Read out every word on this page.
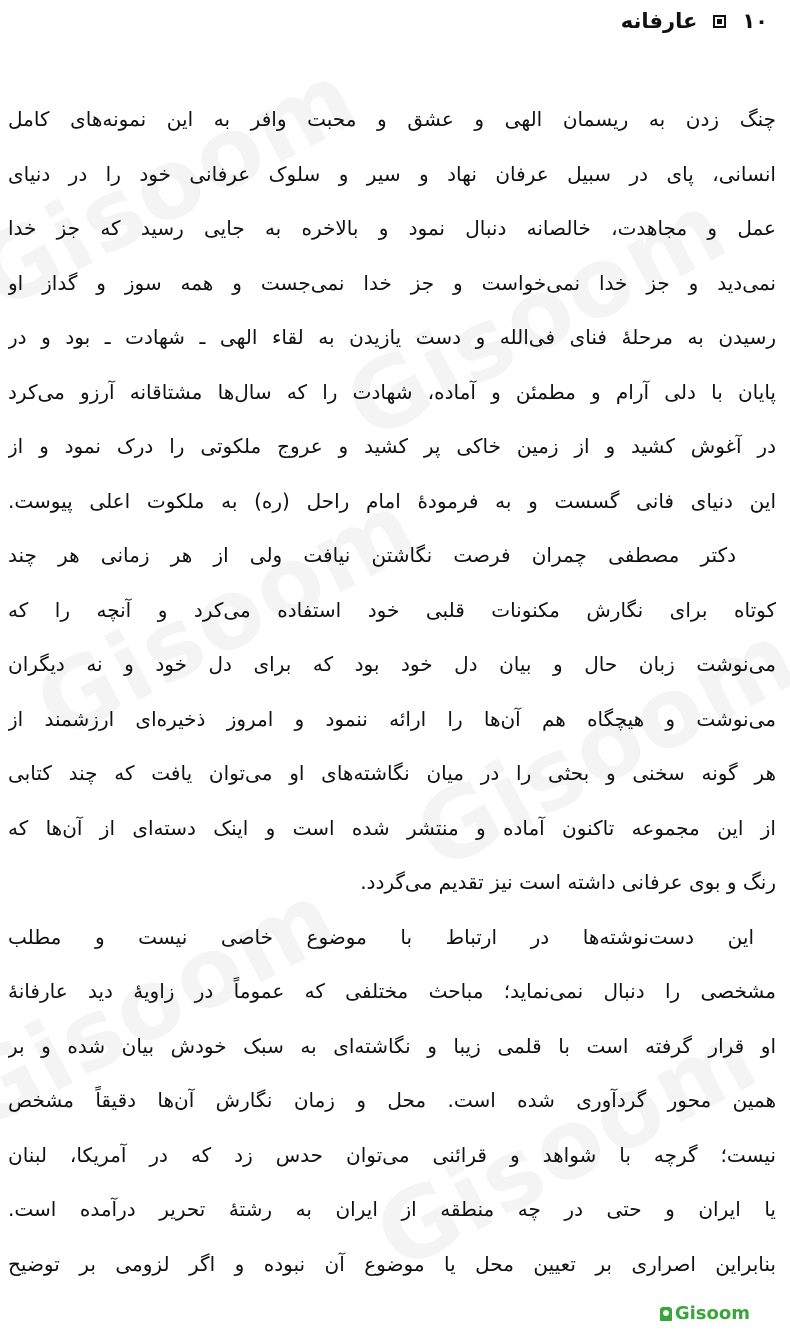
١٠
عارفانه
چنگ زدن به ریسمان الهی و عشق و محبت وافر به این نمونه‌های کامل
انسانی، پای در سبیل عرفان نهاد و سیر و سلوک عرفانی خود را در دنیای
عمل و مجاهدت، خالصانه دنبال نمود و بالاخره به جایی رسید که جز خدا
نمی‌دید و جز خدا نمی‌خواست و جز خدا نمی‌جست و همه سوز و گداز او
رسیدن به مرحلهٔ فنای فی‌الله و دست یازیدن به لقاء الهی ـ شهادت ـ بود و در
پایان با دلی آرام و مطمئن و آماده، شهادت را که سال‌ها مشتاقانه آرزو می‌کرد
در آغوش کشید و از زمین خاکی پر کشید و عروج ملکوتی را درک نمود و از
این دنیای فانی گسست و به فرمودهٔ امام راحل (ره) به ملکوت اعلی پیوست.
دکتر مصطفی چمران فرصت نگاشتن نیافت ولی از هر زمانی هر چند
کوتاه برای نگارش مکنونات قلبی خود استفاده می‌کرد و آنچه را که
می‌نوشت زبان حال و بیان دل خود بود که برای دل خود و نه دیگران
می‌نوشت و هیچگاه هم آن‌ها را ارائه ننمود و امروز ذخیره‌ای ارزشمند از
هر گونه سخنی و بحثی را در میان نگاشته‌های او می‌توان یافت که چند کتابی
از این مجموعه تاکنون آماده و منتشر شده است و اینک دسته‌ای از آن‌ها که
رنگ و بوی عرفانی داشته است نیز تقدیم می‌گردد.
این دست‌نوشته‌ها در ارتباط با موضوع خاصی نیست و مطلب
مشخصی را دنبال نمی‌نماید؛ مباحث مختلفی که عموماً در زاویهٔ دید عارفانهٔ
او قرار گرفته است با قلمی زیبا و نگاشته‌ای به سبک خودش بیان شده و بر
همین محور گردآوری شده است. محل و زمان نگارش آن‌ها دقیقاً مشخص
نیست؛ گرچه با شواهد و قرائنی می‌توان حدس زد که در آمریکا، لبنان
یا ایران و حتی در چه منطقه از ایران به رشتهٔ تحریر درآمده است.
بنابراین اصراری بر تعیین محل یا موضوع آن نبوده و اگر لزومی بر توضیح
Gisoom
